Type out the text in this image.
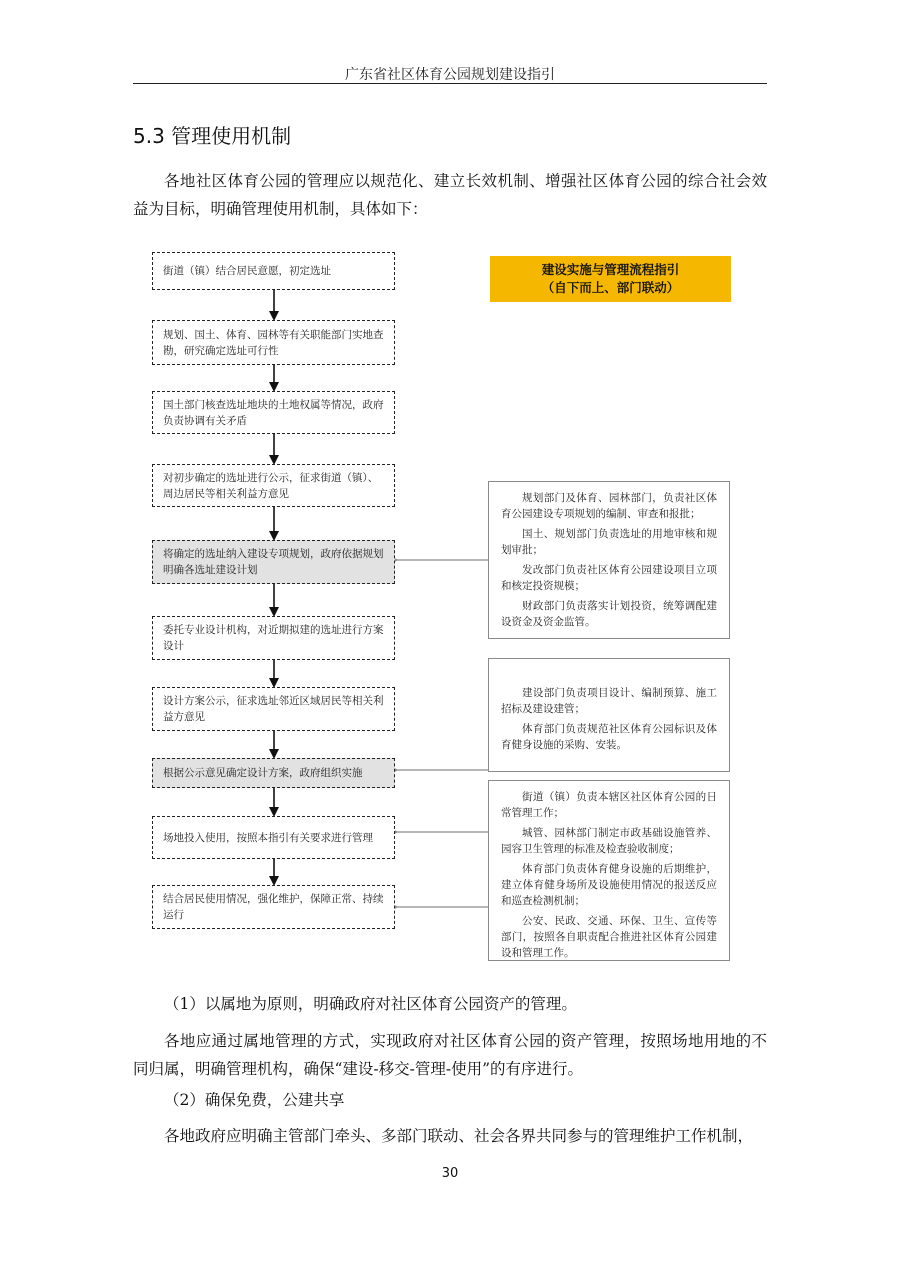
广东省社区体育公园规划建设指引
5.3 管理使用机制
各地社区体育公园的管理应以规范化、建立长效机制、增强社区体育公园的综合社会效益为目标，明确管理使用机制，具体如下：
街道（镇）结合居民意愿，初定选址
规划、国土、体育、园林等有关职能部门实地查勘，研究确定选址可行性
国土部门核查选址地块的土地权属等情况，政府负责协调有关矛盾
对初步确定的选址进行公示，征求街道（镇）、周边居民等相关利益方意见
将确定的选址纳入建设专项规划，政府依据规划明确各选址建设计划
委托专业设计机构，对近期拟建的选址进行方案设计
设计方案公示，征求选址邻近区域居民等相关利益方意见
根据公示意见确定设计方案，政府组织实施
场地投入使用，按照本指引有关要求进行管理
结合居民使用情况，强化维护，保障正常、持续运行
建设实施与管理流程指引
（自下而上、部门联动）

规划部门及体育、园林部门，负责社区体育公园建设专项规划的编制、审查和报批；

国土、规划部门负责选址的用地审核和规划审批；

发改部门负责社区体育公园建设项目立项和核定投资规模；

财政部门负责落实计划投资，统筹调配建设资金及资金监管。

建设部门负责项目设计、编制预算、施工招标及建设建管；

体育部门负责规范社区体育公园标识及体育健身设施的采购、安装。

街道（镇）负责本辖区社区体育公园的日常管理工作；

城管、园林部门制定市政基础设施管养、园容卫生管理的标准及检查验收制度；

体育部门负责体育健身设施的后期维护，建立体育健身场所及设施使用情况的报送反应和巡查检测机制；

公安、民政、交通、环保、卫生、宣传等部门，按照各自职责配合推进社区体育公园建设和管理工作。

（1）以属地为原则，明确政府对社区体育公园资产的管理。
各地应通过属地管理的方式，实现政府对社区体育公园的资产管理，按照场地用地的不同归属，明确管理机构，确保“建设-移交-管理-使用”的有序进行。
（2）确保免费，公建共享
各地政府应明确主管部门牵头、多部门联动、社会各界共同参与的管理维护工作机制，
30
